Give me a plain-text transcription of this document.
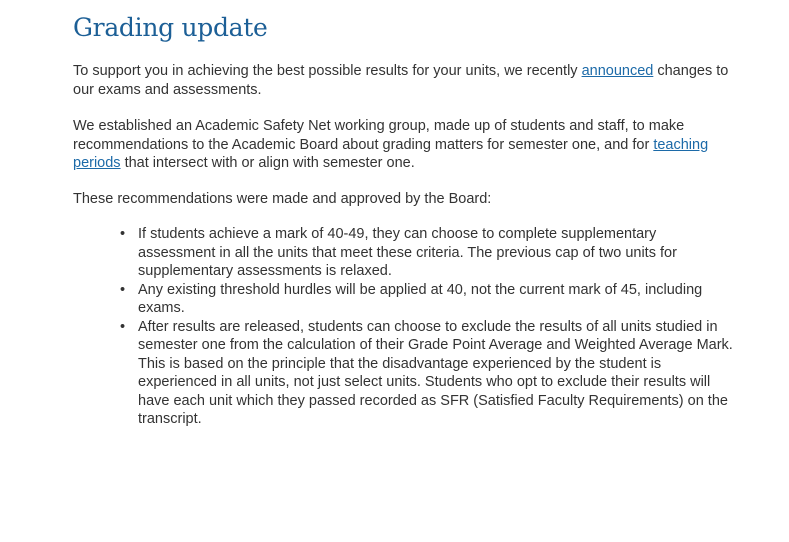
Grading update

To support you in achieving the best possible results for your units, we recently announced changes to our exams and assessments.

We established an Academic Safety Net working group, made up of students and staff, to make recommendations to the Academic Board about grading matters for semester one, and for teaching periods that intersect with or align with semester one.

These recommendations were made and approved by the Board:

• If students achieve a mark of 40-49, they can choose to complete supplementary assessment in all the units that meet these criteria. The previous cap of two units for supplementary assessments is relaxed.
• Any existing threshold hurdles will be applied at 40, not the current mark of 45, including exams.
• After results are released, students can choose to exclude the results of all units studied in semester one from the calculation of their Grade Point Average and Weighted Average Mark. This is based on the principle that the disadvantage experienced by the student is experienced in all units, not just select units. Students who opt to exclude their results will have each unit which they passed recorded as SFR (Satisfied Faculty Requirements) on the transcript.
